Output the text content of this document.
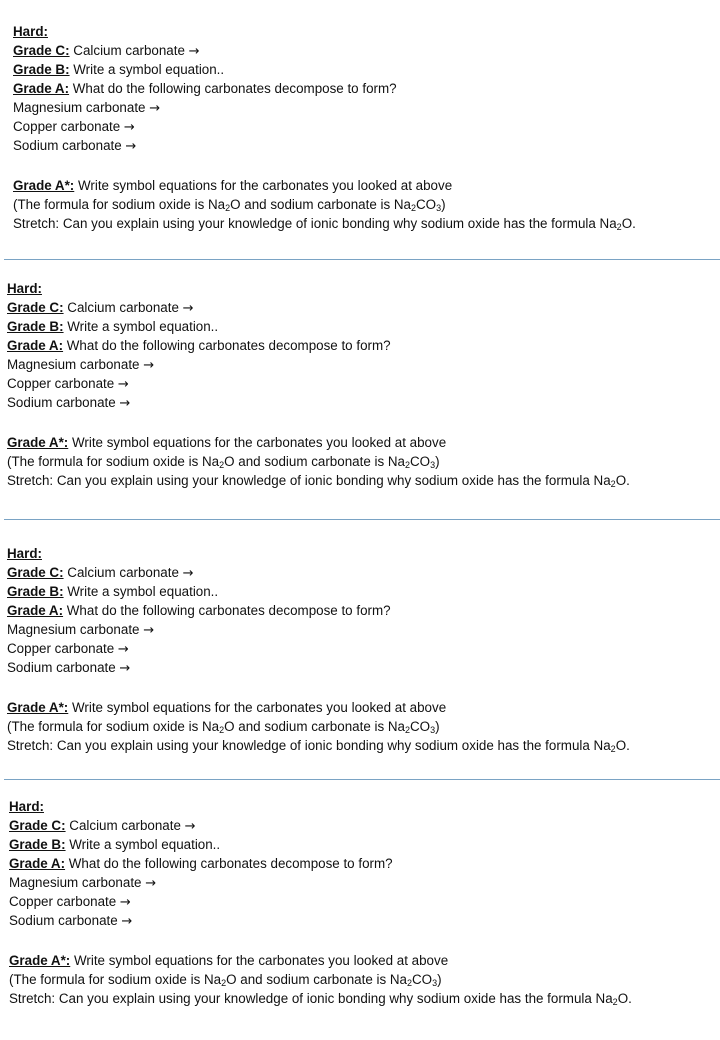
Hard:
Grade C: Calcium carbonate →
Grade B: Write a symbol equation..
Grade A: What do the following carbonates decompose to form?
Magnesium carbonate →
Copper carbonate →
Sodium carbonate →
Grade A*: Write symbol equations for the carbonates you looked at above
(The formula for sodium oxide is $Na_2O$ and sodium carbonate is $Na_2CO_3$)
Stretch: Can you explain using your knowledge of ionic bonding why sodium oxide has the formula $Na_2O$.
Hard:
Grade C: Calcium carbonate →
Grade B: Write a symbol equation..
Grade A: What do the following carbonates decompose to form?
Magnesium carbonate →
Copper carbonate →
Sodium carbonate →
Grade A*: Write symbol equations for the carbonates you looked at above
(The formula for sodium oxide is $Na_2O$ and sodium carbonate is $Na_2CO_3$)
Stretch: Can you explain using your knowledge of ionic bonding why sodium oxide has the formula $Na_2O$.
Hard:
Grade C: Calcium carbonate →
Grade B: Write a symbol equation..
Grade A: What do the following carbonates decompose to form?
Magnesium carbonate →
Copper carbonate →
Sodium carbonate →
Grade A*: Write symbol equations for the carbonates you looked at above
(The formula for sodium oxide is $Na_2O$ and sodium carbonate is $Na_2CO_3$)
Stretch: Can you explain using your knowledge of ionic bonding why sodium oxide has the formula $Na_2O$.
Hard:
Grade C: Calcium carbonate →
Grade B: Write a symbol equation..
Grade A: What do the following carbonates decompose to form?
Magnesium carbonate →
Copper carbonate →
Sodium carbonate →
Grade A*: Write symbol equations for the carbonates you looked at above
(The formula for sodium oxide is $Na_2O$ and sodium carbonate is $Na_2CO_3$)
Stretch: Can you explain using your knowledge of ionic bonding why sodium oxide has the formula $Na_2O$.
